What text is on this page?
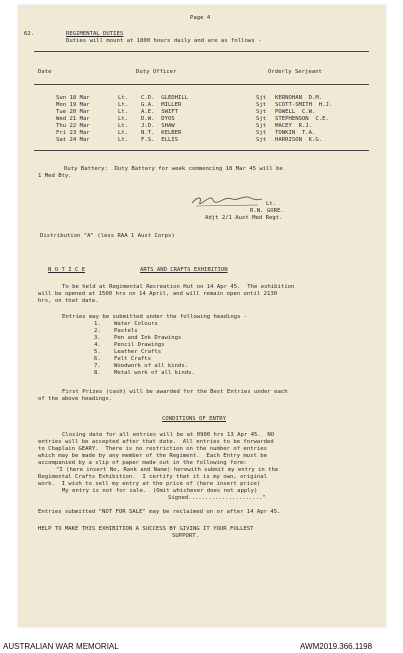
Page 4
62.	REGIMENTAL DUTIES
Duties will mount at 1800 hours daily and are as follows -
Date	Duty Officer	Orderly Serjeant
Sun 18 Mar	Lt. C.D.  GLEDHILL	Sjt KERNOHAN  D.M.
Mon 19 Mar	Lt. G.A.  MILLER	Sjt SCOTT-SMITH  H.J.
Tue 20 Mar	Lt. A.E.  SWIFT	Sjt POWELL  C.W.
Wed 21 Mar	Lt. D.W.  DYOS	Sjt STEPHENSON  C.E.
Thu 22 Mar	Lt. J.D.  SHAW	Sjt MACEY  R.J.
Fri 23 Mar	Lt. N.T.  KELBER	Sjt TONKIN  T.A.
Sat 24 Mar	Lt. F.S.  ELLIS	Sjt HARRISON  K.G.
Duty Battery:  Duty Battery for week commencing 18 Mar 45 will be
1 Med Bty.
Lt.
R.N. GORE.
Adjt 2/1 Aust Med Regt.
Distribution "A" (less RAA 1 Aust Corps)
N O T I C E	ARTS AND CRAFTS EXHIBITION
To be held at Regimental Recreation Hut on 14 Apr 45.  The exhibition
will be opened at 1500 hrs on 14 April, and will remain open until 2130
hrs, on that date.
Entries may be submitted under the following headings -
1. Water Colours
2. Pastels
3. Pen and Ink Drawings
4. Pencil Drawings
5. Leather Crafts
6. Felt Crafts
7. Woodwork of all kinds.
8. Metal work of all kinds.
First Prizes (cash) will be awarded for the Best Entries under each
of the above headings.
CONDITIONS OF ENTRY
Closing date for all entries will be at 0900 hrs 13 Apr 45.  NO
entries will be accepted after that date.  All entries to be forwarded
to Chaplain GEARY.  There is no restriction on the number of entries
which may be made by any member of the Regiment.  Each Entry must be
accompanied by a slip of paper made out in the following form:
"I (here insert No, Rank and Name) herewith submit my entry in the
Regimental Crafts Exhibition.  I certify that it is my own, original
work.  I wish to sell my entry at the price of (here insert price)
My entry is not for sale.  (Omit whichever does not apply)
Signed......................"
Entries submitted "NOT FOR SALE" may be reclaimed on or after 14 Apr 45.
HELP TO MAKE THIS EXHIBITION A SUCCESS BY GIVING IT YOUR FULLEST
SUPPORT.
AUSTRALIAN WAR MEMORIAL	AWM2019.366.1198
